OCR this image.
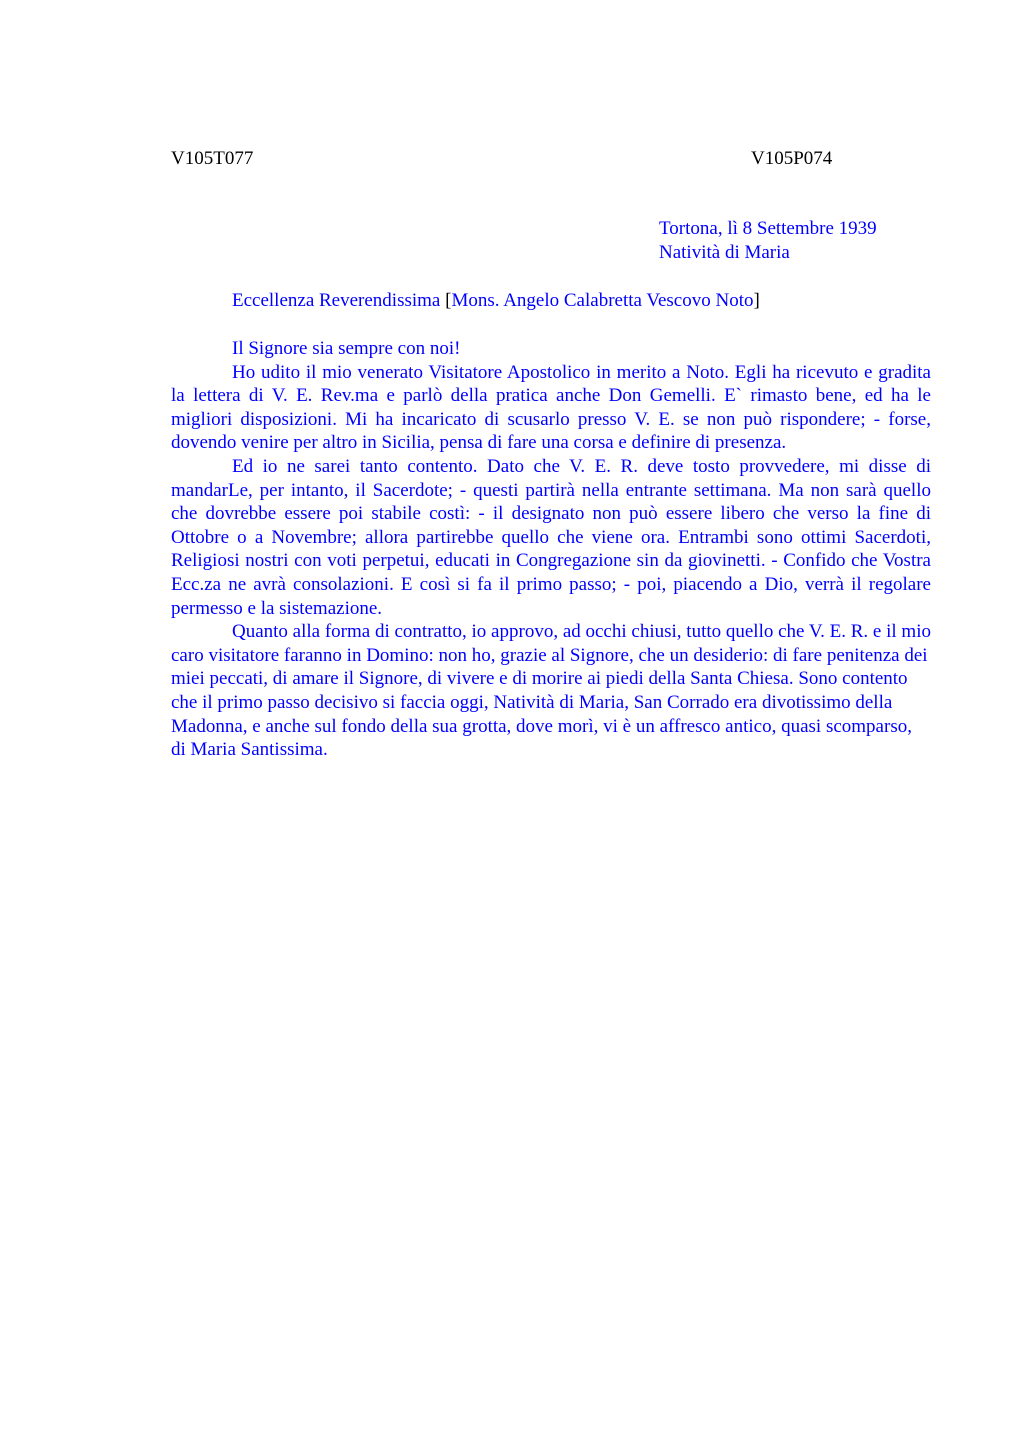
V105T077	V105P074
Tortona, lì 8 Settembre 1939
Natività di Maria
Eccellenza Reverendissima [Mons. Angelo Calabretta Vescovo Noto]

Il Signore sia sempre con noi!

Ho udito il mio venerato Visitatore Apostolico in merito a Noto. Egli ha ricevuto e gradita la lettera di V. E. Rev.ma e parlò della pratica anche Don Gemelli. E` rimasto bene, ed ha le migliori disposizioni. Mi ha incaricato di scusarlo presso V. E. se non può rispondere; - forse, dovendo venire per altro in Sicilia, pensa di fare una corsa e definire di presenza.

Ed io ne sarei tanto contento. Dato che V. E. R. deve tosto provvedere, mi disse di mandarLe, per intanto, il Sacerdote; - questi partirà nella entrante settimana. Ma non sarà quello che dovrebbe essere poi stabile costì: - il designato non può essere libero che verso la fine di Ottobre o a Novembre; allora partirebbe quello che viene ora. Entrambi sono ottimi Sacerdoti, Religiosi nostri con voti perpetui, educati in Congregazione sin da giovinetti. - Confido che Vostra Ecc.za ne avrà consolazioni. E così si fa il primo passo; - poi, piacendo a Dio, verrà il regolare permesso e la sistemazione.

Quanto alla forma di contratto, io approvo, ad occhi chiusi, tutto quello che V. E. R. e il mio caro visitatore faranno in Domino: non ho, grazie al Signore, che un desiderio: di fare penitenza dei miei peccati, di amare il Signore, di vivere e di morire ai piedi della Santa Chiesa. Sono contento che il primo passo decisivo si faccia oggi, Natività di Maria, San Corrado era divotissimo della Madonna, e anche sul fondo della sua grotta, dove morì, vi è un affresco antico, quasi scomparso, di Maria Santissima.
